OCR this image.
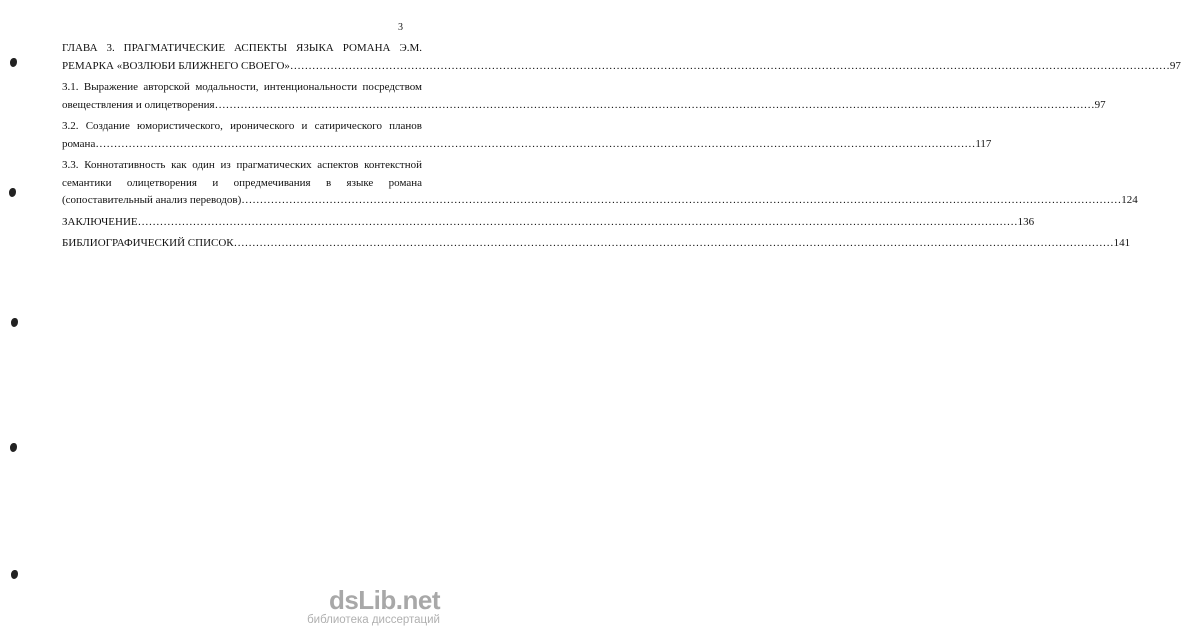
3
ГЛАВА 3. ПРАГМАТИЧЕСКИЕ АСПЕКТЫ ЯЗЫКА РОМАНА Э.М.
РЕМАРКА «ВОЗЛЮБИ БЛИЖНЕГО СВОЕГО» …………………………………………………………………………………………………………………………………………………………………………………………………………………… 97
3.1. Выражение авторской модальности, интенциональности посредством
овеществления и олицетворения …………………………………………………………………………………………………………………………………………………………………………………………………………………… 97
3.2. Создание юмористического, иронического и сатирического планов
романа …………………………………………………………………………………………………………………………………………………………………………………………………………………… 117
3.3. Коннотативность как один из прагматических аспектов контекстной
семантики олицетворения и опредмечивания в языке романа
(сопоставительный анализ переводов) …………………………………………………………………………………………………………………………………………………………………………………………………………………… 124
ЗАКЛЮЧЕНИЕ …………………………………………………………………………………………………………………………………………………………………………………………………………………… 136
БИБЛИОГРАФИЧЕСКИЙ СПИСОК …………………………………………………………………………………………………………………………………………………………………………………………………………………… 141
dsLib.net
библиотека диссертаций
